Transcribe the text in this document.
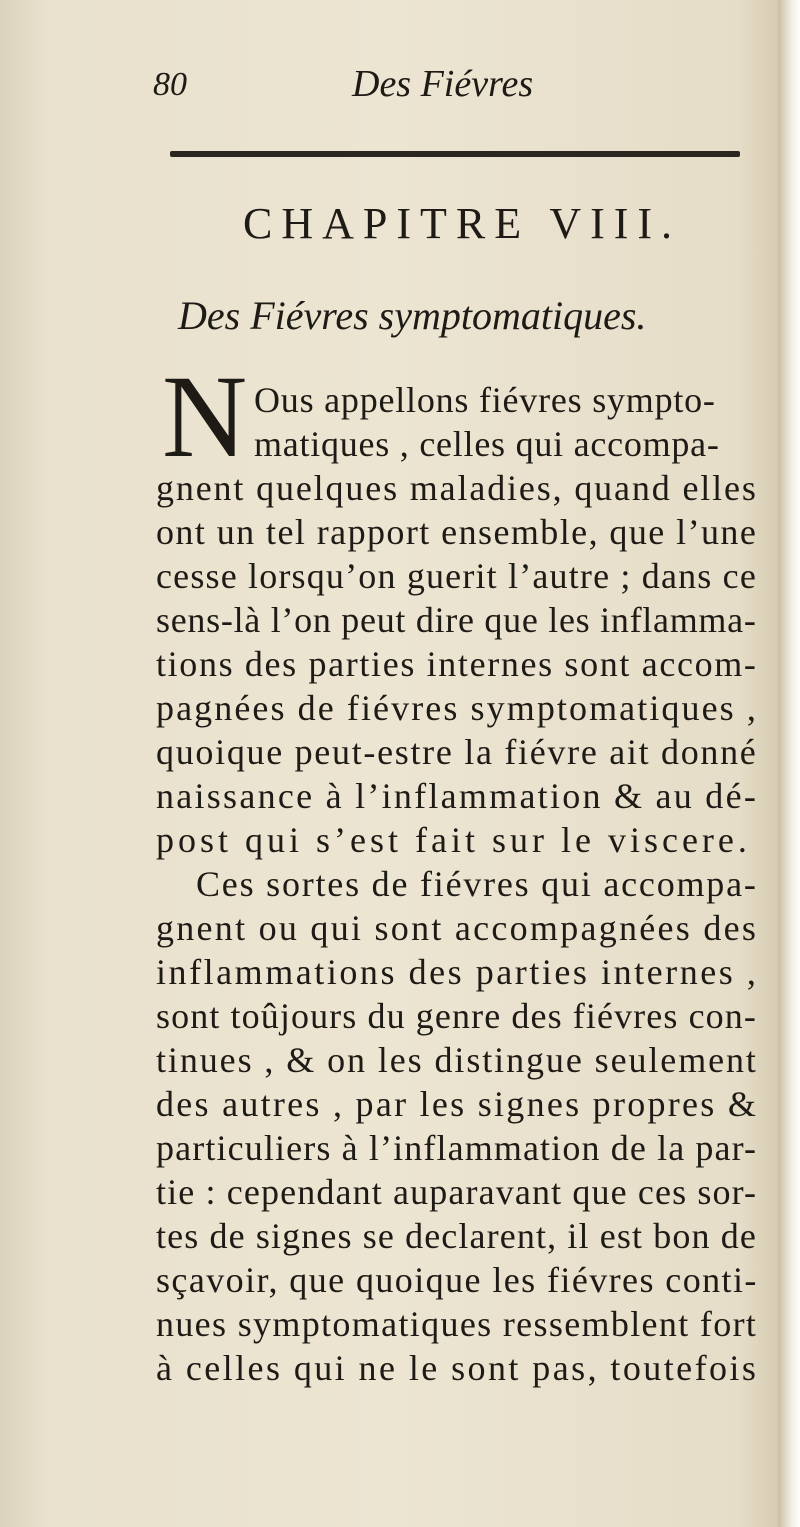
80	Des Fiévres
CHAPITRE VIII.
Des Fiévres symptomatiques.
N Ous appellons fiévres sympto-
matiques , celles qui accompa-
gnent quelques maladies, quand elles
ont un tel rapport ensemble, que l’une
cesse lorsqu’on guerit l’autre ; dans ce
sens-là l’on peut dire que les inflamma-
tions des parties internes sont accom-
pagnées de fiévres symptomatiques ,
quoique peut-estre la fiévre ait donné
naissance à l’inflammation & au dé-
post qui s’est fait sur le viscere.
Ces sortes de fiévres qui accompa-
gnent ou qui sont accompagnées des
inflammations des parties internes ,
sont toûjours du genre des fiévres con-
tinues , & on les distingue seulement
des autres , par les signes propres &
particuliers à l’inflammation de la par-
tie : cependant auparavant que ces sor-
tes de signes se declarent, il est bon de
sçavoir, que quoique les fiévres conti-
nues symptomatiques ressemblent fort
à celles qui ne le sont pas, toutefois
